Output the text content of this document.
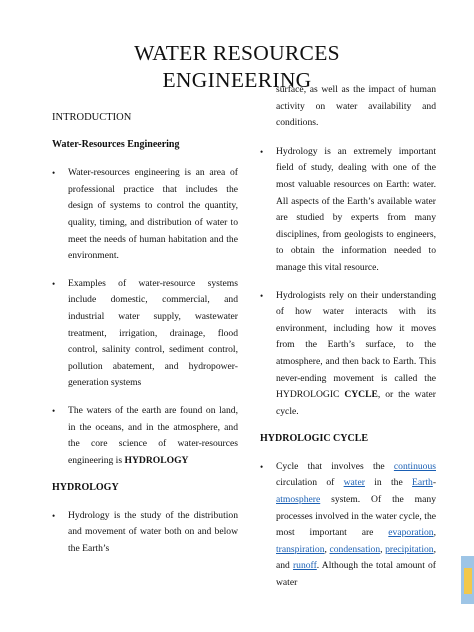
WATER RESOURCES
ENGINEERING
INTRODUCTION
Water-Resources Engineering
• Water-resources engineering is an area of professional practice that includes the design of systems to control the quantity, quality, timing, and distribution of water to meet the needs of human habitation and the environment.
• Examples of water-resource systems include domestic, commercial, and industrial water supply, wastewater treatment, irrigation, drainage, flood control, salinity control, sediment control, pollution abatement, and hydropower-generation systems
• The waters of the earth are found on land, in the oceans, and in the atmosphere, and the core science of water-resources engineering is HYDROLOGY
HYDROLOGY
• Hydrology is the study of the distribution and movement of water both on and below the Earth’s
surface, as well as the impact of human activity on water availability and conditions.
• Hydrology is an extremely important field of study, dealing with one of the most valuable resources on Earth: water. All aspects of the Earth’s available water are studied by experts from many disciplines, from geologists to engineers, to obtain the information needed to manage this vital resource.
• Hydrologists rely on their understanding of how water interacts with its environment, including how it moves from the Earth’s surface, to the atmosphere, and then back to Earth. This never-ending movement is called the HYDROLOGIC CYCLE, or the water cycle.
HYDROLOGIC CYCLE
• Cycle that involves the continuous circulation of water in the Earth-atmosphere system. Of the many processes involved in the water cycle, the most important are evaporation, transpiration, condensation, precipitation, and runoff. Although the total amount of water
